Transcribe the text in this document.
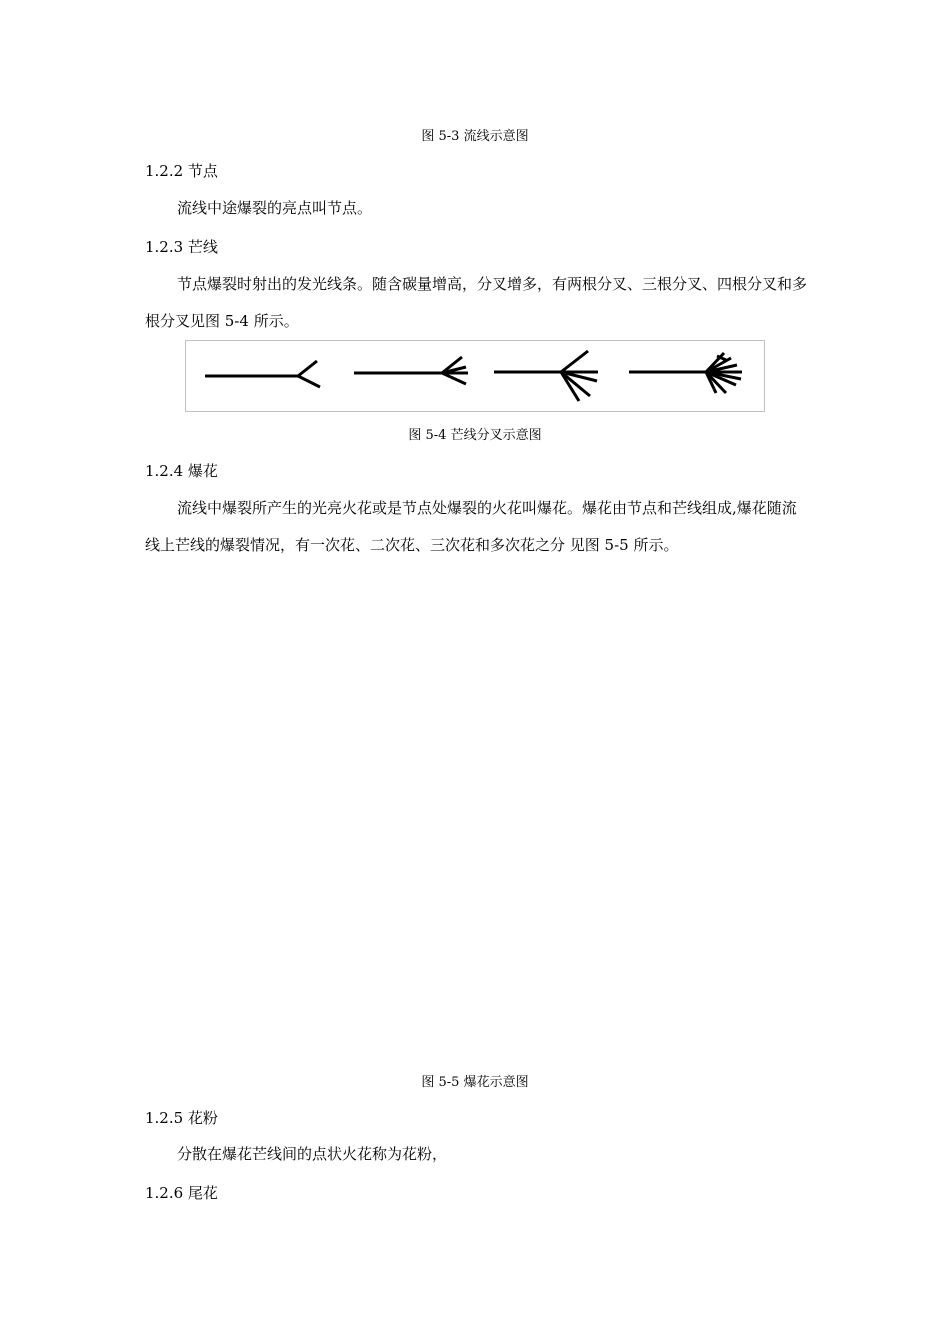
图 5-3 流线示意图
1.2.2 节点
流线中途爆裂的亮点叫节点。
1.2.3 芒线
节点爆裂时射出的发光线条。随含碳量增高，分叉增多，有两根分叉、三根分叉、四根分叉和多根分叉见图 5-4 所示。
图 5-4 芒线分叉示意图
1.2.4 爆花
流线中爆裂所产生的光亮火花或是节点处爆裂的火花叫爆花。爆花由节点和芒线组成,爆花随流线上芒线的爆裂情况，有一次花、二次花、三次花和多次花之分 见图 5-5 所示。
图 5-5 爆花示意图
1.2.5 花粉
分散在爆花芒线间的点状火花称为花粉，
1.2.6 尾花
